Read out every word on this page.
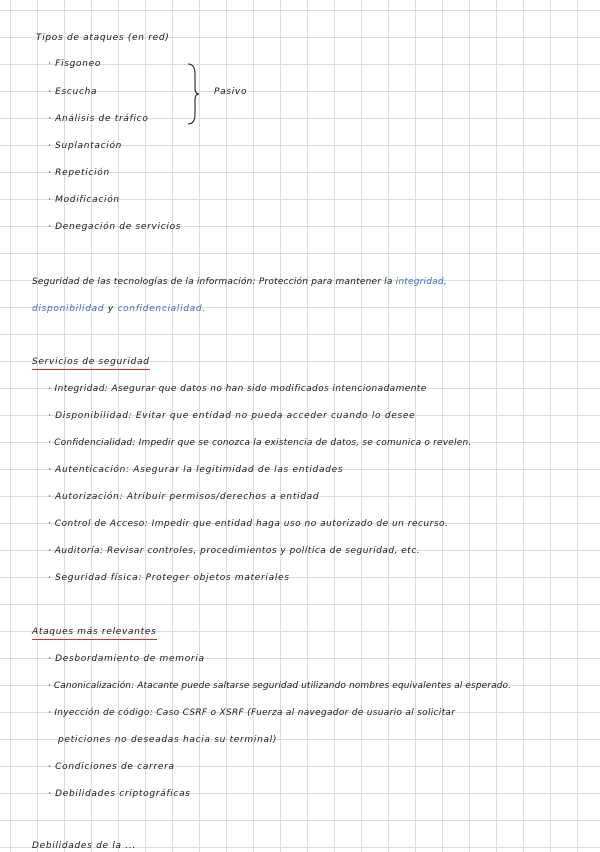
Tipos de ataques (en red)
· Fisgoneo
· Escucha
· Análisis de tráfico
Pasivo
· Suplantación
· Repetición
· Modificación
· Denegación de servicios
Seguridad de las tecnologías de la información: Protección para mantener la integridad,
disponibilidad y confidencialidad.
Servicios de seguridad
· Integridad: Asegurar que datos no han sido modificados intencionadamente
· Disponibilidad: Evitar que entidad no pueda acceder cuando lo desee
· Confidencialidad: Impedir que se conozca la existencia de datos, se comunica o revelen.
· Autenticación: Asegurar la legitimidad de las entidades
· Autorización: Atribuir permisos/derechos a entidad
· Control de Acceso: Impedir que entidad haga uso no autorizado de un recurso.
· Auditoría: Revisar controles, procedimientos y política de seguridad, etc.
· Seguridad física: Proteger objetos materiales
Ataques más relevantes
· Desbordamiento de memoria
· Canonicalización: Atacante puede saltarse seguridad utilizando nombres equivalentes al esperado.
· Inyección de código: Caso CSRF o XSRF (Fuerza al navegador de usuario al solicitar
peticiones no deseadas hacia su terminal)
· Condiciones de carrera
· Debilidades criptográficas
Debilidades de la ...
